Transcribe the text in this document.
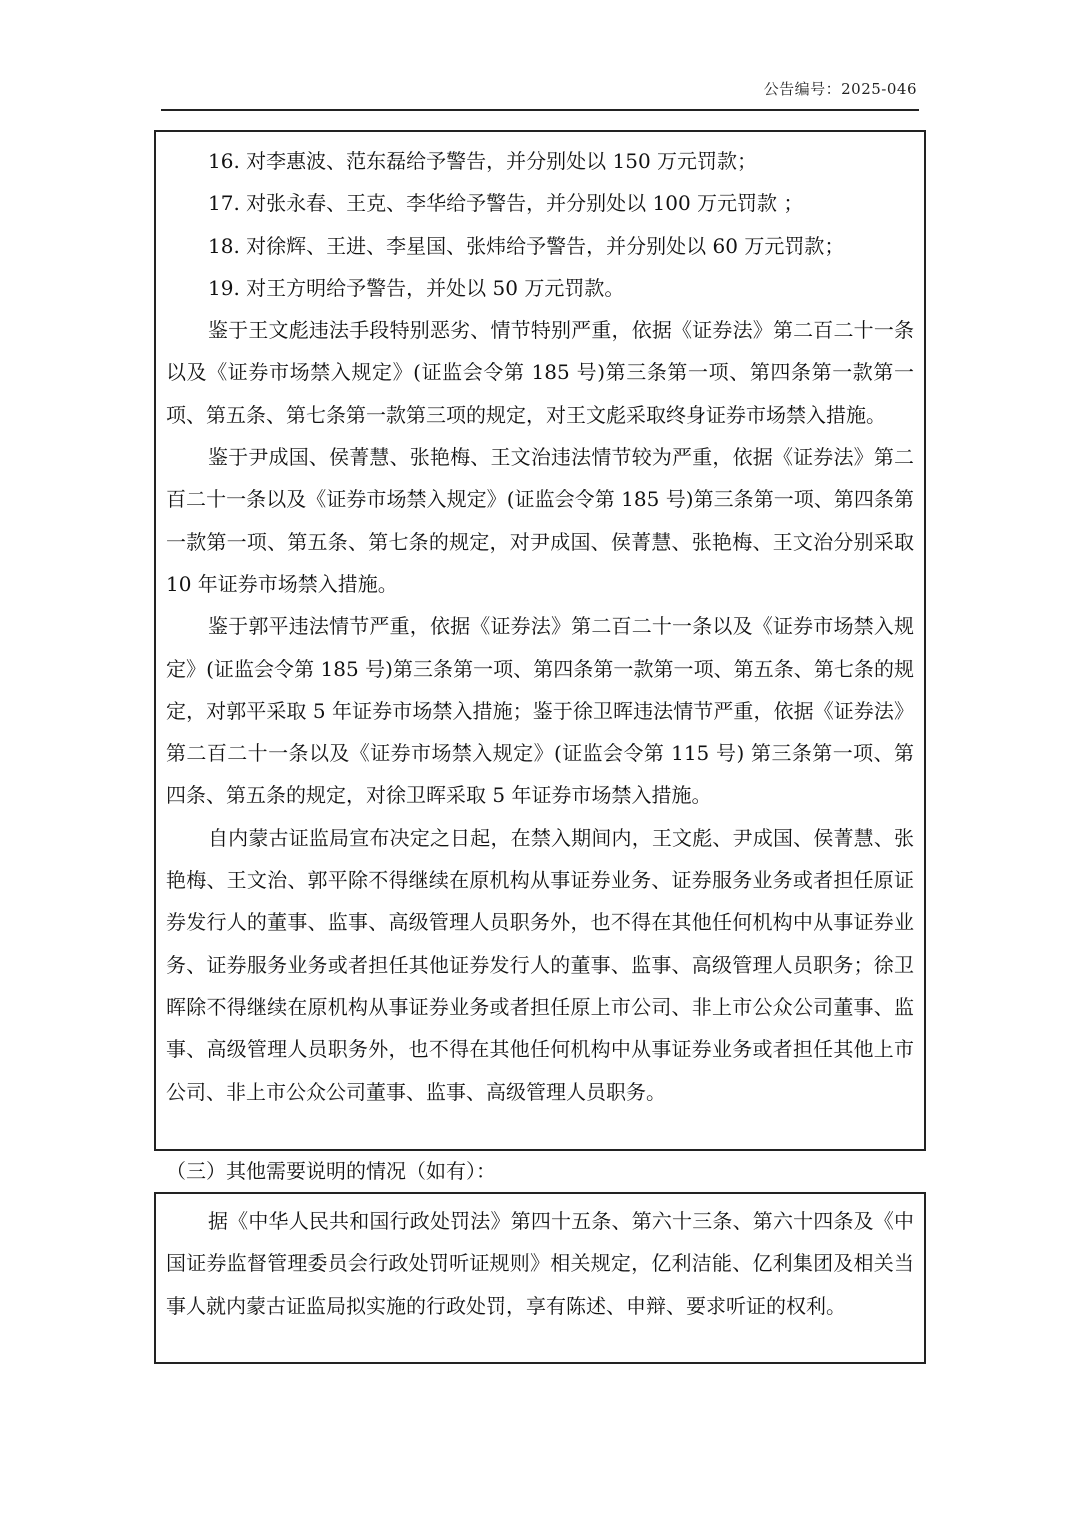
公告编号：2025-046

16. 对李惠波、范东磊给予警告，并分别处以 150 万元罚款；

17. 对张永春、王克、李华给予警告，并分别处以 100 万元罚款 ；

18. 对徐辉、王进、李星国、张炜给予警告，并分别处以 60 万元罚款；

19. 对王方明给予警告，并处以 50 万元罚款。

鉴于王文彪违法手段特别恶劣、情节特别严重，依据《证券法》第二百二十一条以及《证券市场禁入规定》(证监会令第 185 号)第三条第一项、第四条第一款第一项、第五条、第七条第一款第三项的规定，对王文彪采取终身证券市场禁入措施。

鉴于尹成国、侯菁慧、张艳梅、王文治违法情节较为严重，依据《证券法》第二百二十一条以及《证券市场禁入规定》(证监会令第 185 号)第三条第一项、第四条第一款第一项、第五条、第七条的规定，对尹成国、侯菁慧、张艳梅、王文治分别采取 10 年证券市场禁入措施。

鉴于郭平违法情节严重，依据《证券法》第二百二十一条以及《证券市场禁入规定》(证监会令第 185 号)第三条第一项、第四条第一款第一项、第五条、第七条的规定，对郭平采取 5 年证券市场禁入措施；鉴于徐卫晖违法情节严重，依据《证券法》第二百二十一条以及《证券市场禁入规定》(证监会令第 115 号) 第三条第一项、第四条、第五条的规定，对徐卫晖采取 5 年证券市场禁入措施。

自内蒙古证监局宣布决定之日起，在禁入期间内，王文彪、尹成国、侯菁慧、张艳梅、王文治、郭平除不得继续在原机构从事证券业务、证券服务业务或者担任原证券发行人的董事、监事、高级管理人员职务外，也不得在其他任何机构中从事证券业务、证券服务业务或者担任其他证券发行人的董事、监事、高级管理人员职务；徐卫晖除不得继续在原机构从事证券业务或者担任原上市公司、非上市公众公司董事、监事、高级管理人员职务外，也不得在其他任何机构中从事证券业务或者担任其他上市公司、非上市公众公司董事、监事、高级管理人员职务。

（三）其他需要说明的情况（如有）：

据《中华人民共和国行政处罚法》第四十五条、第六十三条、第六十四条及《中国证券监督管理委员会行政处罚听证规则》相关规定，亿利洁能、亿利集团及相关当事人就内蒙古证监局拟实施的行政处罚，享有陈述、申辩、要求听证的权利。
